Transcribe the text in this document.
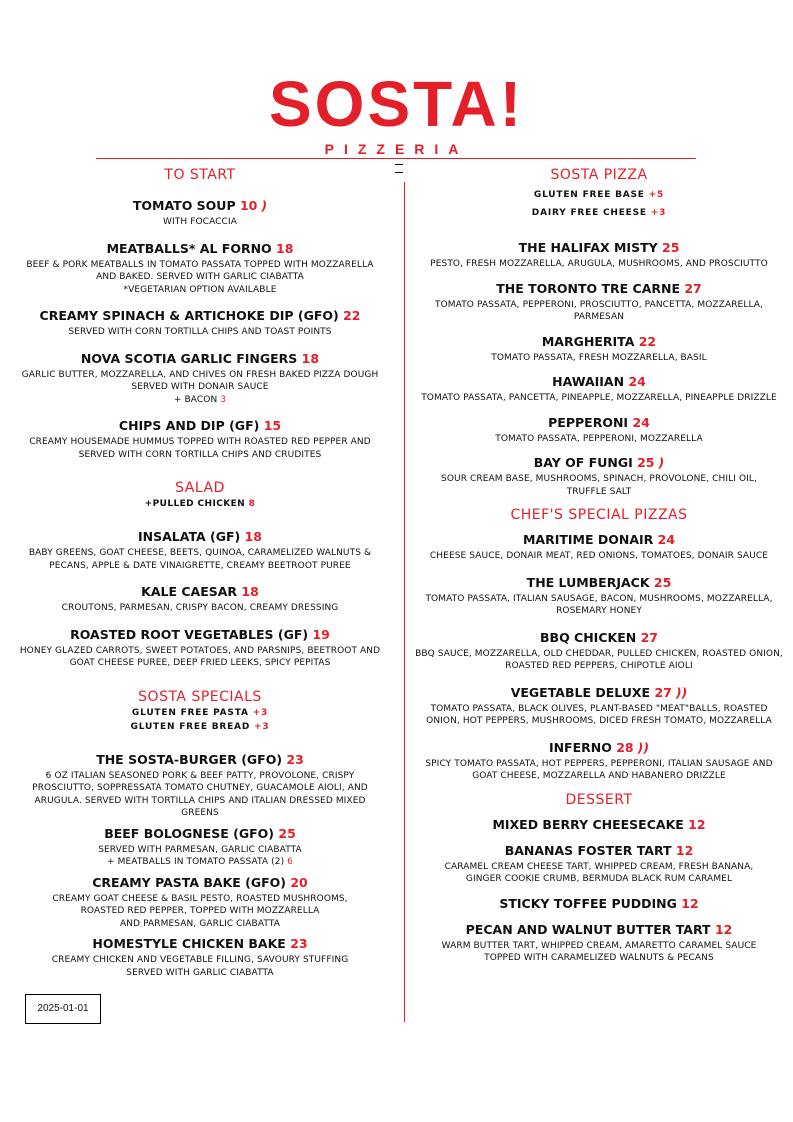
SOSTA!
PIZZERIA
TO START
TOMATO SOUP 10 )
WITH FOCACCIA
MEATBALLS* AL FORNO 18
BEEF & PORK MEATBALLS IN TOMATO PASSATA TOPPED WITH MOZZARELLA
AND BAKED. SERVED WITH GARLIC CIABATTA
*VEGETARIAN OPTION AVAILABLE
CREAMY SPINACH & ARTICHOKE DIP (GFO) 22
SERVED WITH CORN TORTILLA CHIPS AND TOAST POINTS
NOVA SCOTIA GARLIC FINGERS 18
GARLIC BUTTER, MOZZARELLA, AND CHIVES ON FRESH BAKED PIZZA DOUGH
SERVED WITH DONAIR SAUCE
+ BACON 3
CHIPS AND DIP (GF) 15
CREAMY HOUSEMADE HUMMUS TOPPED WITH ROASTED RED PEPPER AND
SERVED WITH CORN TORTILLA CHIPS AND CRUDITES
SALAD
+PULLED CHICKEN 8
INSALATA (GF) 18
BABY GREENS, GOAT CHEESE, BEETS, QUINOA, CARAMELIZED WALNUTS &
PECANS, APPLE & DATE VINAIGRETTE, CREAMY BEETROOT PUREE
KALE CAESAR 18
CROUTONS, PARMESAN, CRISPY BACON, CREAMY DRESSING
ROASTED ROOT VEGETABLES (GF) 19
HONEY GLAZED CARROTS, SWEET POTATOES, AND PARSNIPS, BEETROOT AND
GOAT CHEESE PUREE, DEEP FRIED LEEKS, SPICY PEPITAS
SOSTA SPECIALS
GLUTEN FREE PASTA +3
GLUTEN FREE BREAD +3
THE SOSTA-BURGER (GFO) 23
6 OZ ITALIAN SEASONED PORK & BEEF PATTY, PROVOLONE, CRISPY
PROSCIUTTO, SOPPRESSATA TOMATO CHUTNEY, GUACAMOLE AIOLI, AND
ARUGULA. SERVED WITH TORTILLA CHIPS AND ITALIAN DRESSED MIXED
GREENS
BEEF BOLOGNESE (GFO) 25
SERVED WITH PARMESAN, GARLIC CIABATTA
+ MEATBALLS IN TOMATO PASSATA (2) 6
CREAMY PASTA BAKE (GFO) 20
CREAMY GOAT CHEESE & BASIL PESTO, ROASTED MUSHROOMS,
ROASTED RED PEPPER, TOPPED WITH MOZZARELLA
AND PARMESAN, GARLIC CIABATTA
HOMESTYLE CHICKEN BAKE 23
CREAMY CHICKEN AND VEGETABLE FILLING, SAVOURY STUFFING
SERVED WITH GARLIC CIABATTA
SOSTA PIZZA
GLUTEN FREE BASE +5
DAIRY FREE CHEESE +3
THE HALIFAX MISTY 25
PESTO, FRESH MOZZARELLA, ARUGULA, MUSHROOMS, AND PROSCIUTTO
THE TORONTO TRE CARNE 27
TOMATO PASSATA, PEPPERONI, PROSCIUTTO, PANCETTA, MOZZARELLA,
PARMESAN
MARGHERITA 22
TOMATO PASSATA, FRESH MOZZARELLA, BASIL
HAWAIIAN 24
TOMATO PASSATA, PANCETTA, PINEAPPLE, MOZZARELLA, PINEAPPLE DRIZZLE
PEPPERONI 24
TOMATO PASSATA, PEPPERONI, MOZZARELLA
BAY OF FUNGI 25 )
SOUR CREAM BASE, MUSHROOMS, SPINACH, PROVOLONE, CHILI OIL,
TRUFFLE SALT
CHEF'S SPECIAL PIZZAS
MARITIME DONAIR 24
CHEESE SAUCE, DONAIR MEAT, RED ONIONS, TOMATOES, DONAIR SAUCE
THE LUMBERJACK 25
TOMATO PASSATA, ITALIAN SAUSAGE, BACON, MUSHROOMS, MOZZARELLA,
ROSEMARY HONEY
BBQ CHICKEN 27
BBQ SAUCE, MOZZARELLA, OLD CHEDDAR, PULLED CHICKEN, ROASTED ONION,
ROASTED RED PEPPERS, CHIPOTLE AIOLI
VEGETABLE DELUXE 27 ))
TOMATO PASSATA, BLACK OLIVES, PLANT-BASED "MEAT"BALLS, ROASTED
ONION, HOT PEPPERS, MUSHROOMS, DICED FRESH TOMATO, MOZZARELLA
INFERNO 28 ))
SPICY TOMATO PASSATA, HOT PEPPERS, PEPPERONI, ITALIAN SAUSAGE AND
GOAT CHEESE, MOZZARELLA AND HABANERO DRIZZLE
DESSERT
MIXED BERRY CHEESECAKE 12
BANANAS FOSTER TART 12
CARAMEL CREAM CHEESE TART, WHIPPED CREAM, FRESH BANANA,
GINGER COOKIE CRUMB, BERMUDA BLACK RUM CARAMEL
STICKY TOFFEE PUDDING 12
PECAN AND WALNUT BUTTER TART 12
WARM BUTTER TART, WHIPPED CREAM, AMARETTO CARAMEL SAUCE
TOPPED WITH CARAMELIZED WALNUTS & PECANS
2025-01-01
